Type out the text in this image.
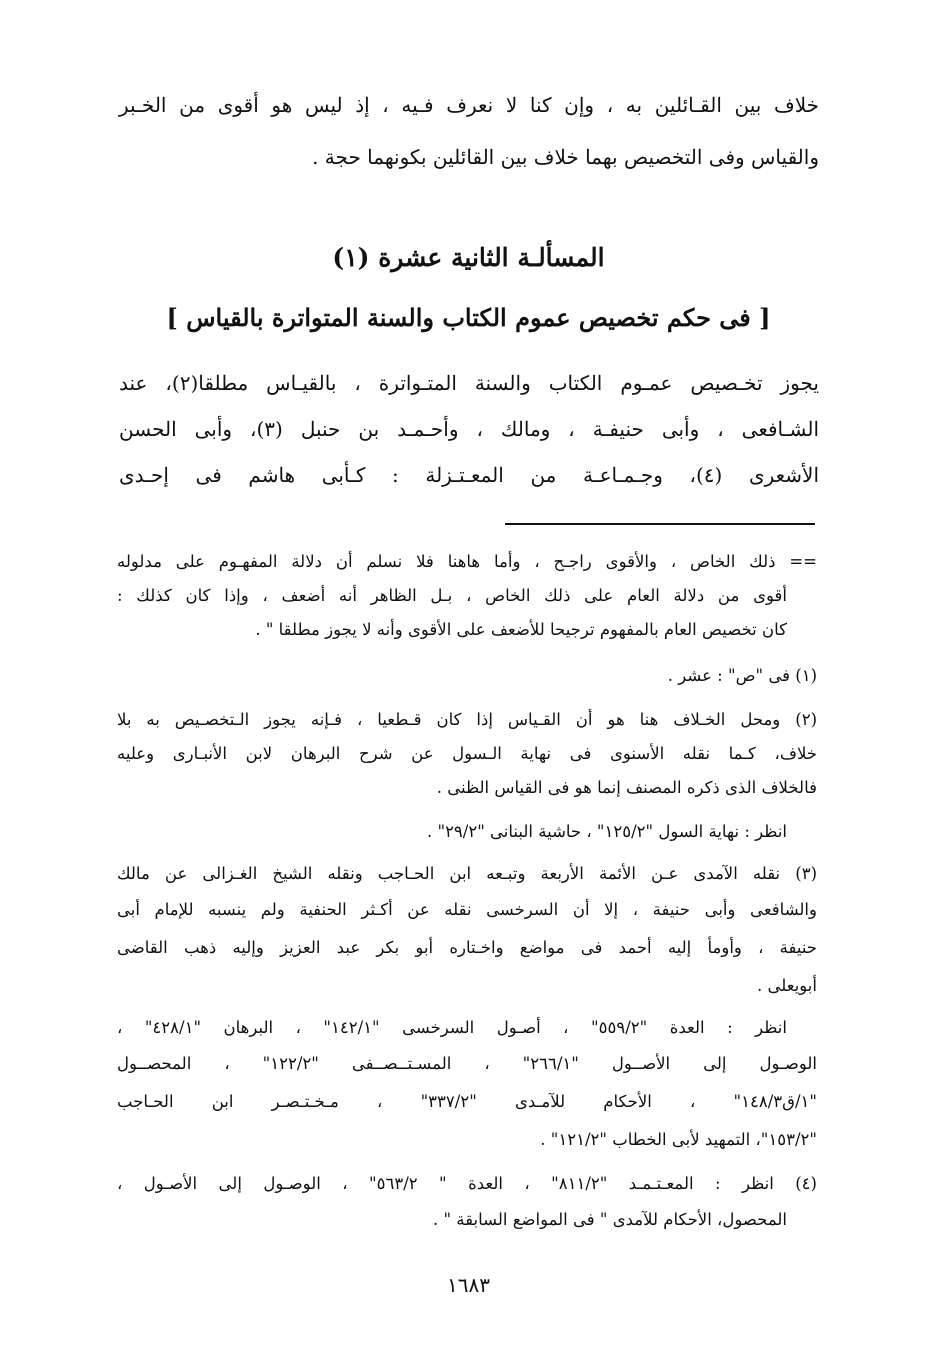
خلاف بين القـائلين به ، وإن كنا لا نعرف فـيه ، إذ ليس هو أقوى من الخـبر
والقياس وفى التخصيص بهما خلاف بين القائلين بكونهما حجة .
المسألـة الثانية عشرة (١)
[ فى حكم تخصيص عموم الكتاب والسنة المتواترة بالقياس ]
يجوز تخـصيص عمـوم الكتاب والسنة المتـواترة ، بالقيـاس مطلقا(٢)، عند
الشـافعى ، وأبى حنيفـة ، ومالك ، وأحـمـد بن حنبل (٣)، وأبى الحسن
الأشعرى (٤)، وجـمـاعـة من المعـتـزلة : كـأبى هاشم فى إحـدى
== ذلك الخاص ، والأقوى راجـح ، وأما هاهنا فلا نسلم أن دلالة المفهـوم على مدلوله
أقوى من دلالة العام على ذلك الخاص ، بـل الظاهر أنه أضعف ، وإذا كان كذلك :
كان تخصيص العام بالمفهوم ترجيحا للأضعف على الأقوى وأنه لا يجوز مطلقا " .
(١) فى "ص" : عشر .
(٢) ومحل الخـلاف هنا هو أن القـياس إذا كان قـطعيا ، فـإنه يجوز الـتخصـيص به بلا
خلاف، كـما نقله الأسنوى فى نهاية الـسول عن شرح البرهان لابن الأنبـارى وعليه
فالخلاف الذى ذكره المصنف إنما هو فى القياس الظنى .
انظر : نهاية السول "١٢٥/٢" ، حاشية البنانى "٢٩/٢" .
(٣) نقله الآمدى عـن الأئمة الأربعة وتبـعه ابن الحـاجب ونقله الشيخ الغـزالى عن مالك
والشافعى وأبى حنيفة ، إلا أن السرخسى نقله عن أكـثر الحنفية ولم ينسبه للإمام أبى
حنيفة ، وأومأ إليه أحمد فى مواضع واخـتاره أبو بكر عبد العزيز وإليه ذهب القاضى
أبويعلى .
انظر : العدة "٥٥٩/٢" ، أصـول السرخسى "١٤٢/١" ، البرهان "٤٢٨/١" ،
الوصـول إلى الأصــول "٢٦٦/١" ، المسـتــصــفى "١٢٢/٢" ، المحصــول
"١/ق١٤٨/٣" ، الأحكام للآمـدى "٣٣٧/٢" ، مـخـتـصـر ابن الحـاجب
"١٥٣/٢"، التمهيد لأبى الخطاب "١٢١/٢" .
(٤) انظر : المعـتـمـد "٨١١/٢" ، العدة " ٥٦٣/٢" ، الوصـول إلى الأصـول ،
المحصول، الأحكام للآمدى " فى المواضع السابقة " .
١٦٨٣
